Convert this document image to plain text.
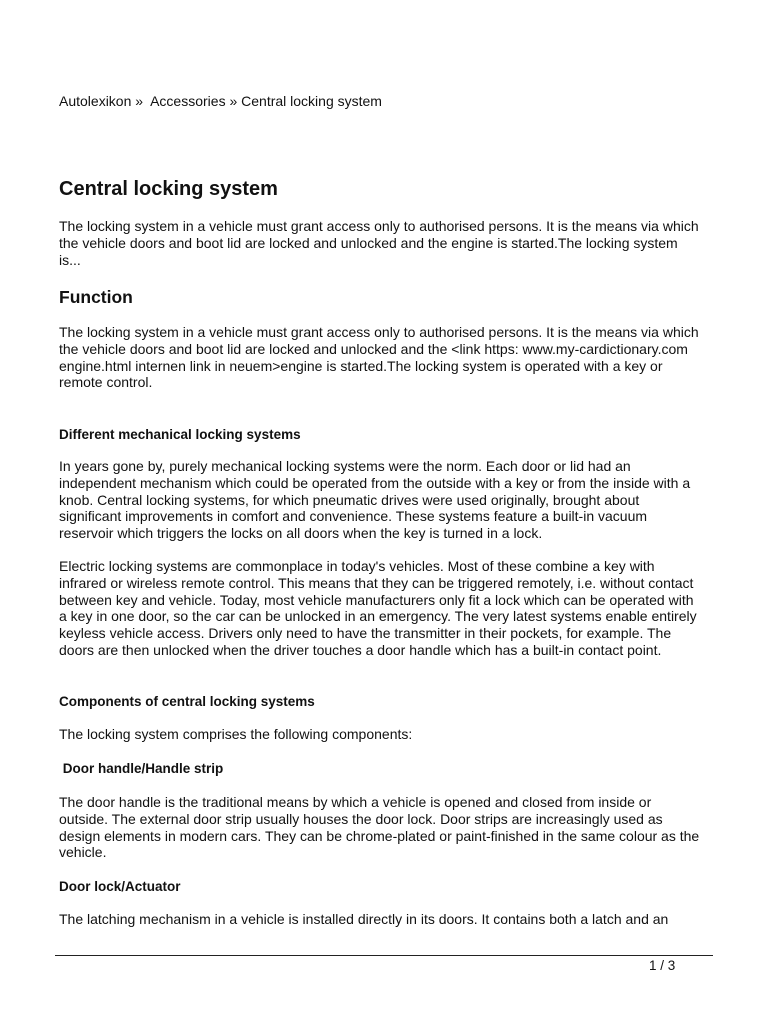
Autolexikon » Accessories » Central locking system
Central locking system

The locking system in a vehicle must grant access only to authorised persons. It is the means via which
the vehicle doors and boot lid are locked and unlocked and the engine is started.The locking system
is...

Function

The locking system in a vehicle must grant access only to authorised persons. It is the means via which
the vehicle doors and boot lid are locked and unlocked and the <link https: www.my-cardictionary.com
engine.html internen link in neuem>engine is started.The locking system is operated with a key or
remote control.

Different mechanical locking systems

In years gone by, purely mechanical locking systems were the norm. Each door or lid had an
independent mechanism which could be operated from the outside with a key or from the inside with a
knob. Central locking systems, for which pneumatic drives were used originally, brought about
significant improvements in comfort and convenience. These systems feature a built-in vacuum
reservoir which triggers the locks on all doors when the key is turned in a lock.

Electric locking systems are commonplace in today's vehicles. Most of these combine a key with
infrared or wireless remote control. This means that they can be triggered remotely, i.e. without contact
between key and vehicle. Today, most vehicle manufacturers only fit a lock which can be operated with
a key in one door, so the car can be unlocked in an emergency. The very latest systems enable entirely
keyless vehicle access. Drivers only need to have the transmitter in their pockets, for example. The
doors are then unlocked when the driver touches a door handle which has a built-in contact point.

Components of central locking systems

The locking system comprises the following components:

Door handle/Handle strip

The door handle is the traditional means by which a vehicle is opened and closed from inside or
outside. The external door strip usually houses the door lock. Door strips are increasingly used as
design elements in modern cars. They can be chrome-plated or paint-finished in the same colour as the
vehicle.

Door lock/Actuator

The latching mechanism in a vehicle is installed directly in its doors. It contains both a latch and an

1 / 3
